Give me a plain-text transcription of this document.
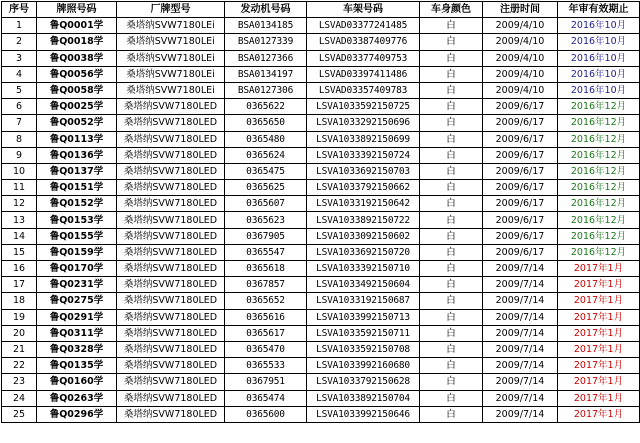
序号	牌照号码	厂牌型号	发动机号码	车架号码	车身颜色	注册时间	年审有效期止
1	鲁Q0001学	桑塔纳SVW7180LEi	BSA0134185	LSVAD03377241485	白	2009/4/10	2016年10月
2	鲁Q0018学	桑塔纳SVW7180LEi	BSA0127339	LSVAD03387409776	白	2009/4/10	2016年10月
3	鲁Q0038学	桑塔纳SVW7180LEi	BSA0127366	LSVAD03377409753	白	2009/4/10	2016年10月
4	鲁Q0056学	桑塔纳SVW7180LEi	BSA0134197	LSVAD03397411486	白	2009/4/10	2016年10月
5	鲁Q0058学	桑塔纳SVW7180LEi	BSA0127306	LSVAD03357409783	白	2009/4/10	2016年10月
6	鲁Q0025学	桑塔纳SVW7180LED	0365622	LSVA1033592150725	白	2009/6/17	2016年12月
7	鲁Q0052学	桑塔纳SVW7180LED	0365650	LSVA1033292150696	白	2009/6/17	2016年12月
8	鲁Q0113学	桑塔纳SVW7180LED	0365480	LSVA1033892150699	白	2009/6/17	2016年12月
9	鲁Q0136学	桑塔纳SVW7180LED	0365624	LSVA1033392150724	白	2009/6/17	2016年12月
10	鲁Q0137学	桑塔纳SVW7180LED	0365475	LSVA1033692150703	白	2009/6/17	2016年12月
11	鲁Q0151学	桑塔纳SVW7180LED	0365625	LSVA1033792150662	白	2009/6/17	2016年12月
12	鲁Q0152学	桑塔纳SVW7180LED	0365607	LSVA1033192150642	白	2009/6/17	2016年12月
13	鲁Q0153学	桑塔纳SVW7180LED	0365623	LSVA1033892150722	白	2009/6/17	2016年12月
14	鲁Q0155学	桑塔纳SVW7180LED	0367905	LSVA1033092150602	白	2009/6/17	2016年12月
15	鲁Q0159学	桑塔纳SVW7180LED	0365547	LSVA1033692150720	白	2009/6/17	2016年12月
16	鲁Q0170学	桑塔纳SVW7180LED	0365618	LSVA1033392150710	白	2009/7/14	2017年1月
17	鲁Q0231学	桑塔纳SVW7180LED	0367857	LSVA1033492150604	白	2009/7/14	2017年1月
18	鲁Q0275学	桑塔纳SVW7180LED	0365652	LSVA1033192150687	白	2009/7/14	2017年1月
19	鲁Q0291学	桑塔纳SVW7180LED	0365616	LSVA1033992150713	白	2009/7/14	2017年1月
20	鲁Q0311学	桑塔纳SVW7180LED	0365617	LSVA1033592150711	白	2009/7/14	2017年1月
21	鲁Q0328学	桑塔纳SVW7180LED	0365470	LSVA1033592150708	白	2009/7/14	2017年1月
22	鲁Q0135学	桑塔纳SVW7180LED	0365533	LSVA1033992160680	白	2009/7/14	2017年1月
23	鲁Q0160学	桑塔纳SVW7180LED	0367951	LSVA1033792150628	白	2009/7/14	2017年1月
24	鲁Q0263学	桑塔纳SVW7180LED	0365474	LSVA1033892150704	白	2009/7/14	2017年1月
25	鲁Q0296学	桑塔纳SVW7180LED	0365600	LSVA1033992150646	白	2009/7/14	2017年1月
